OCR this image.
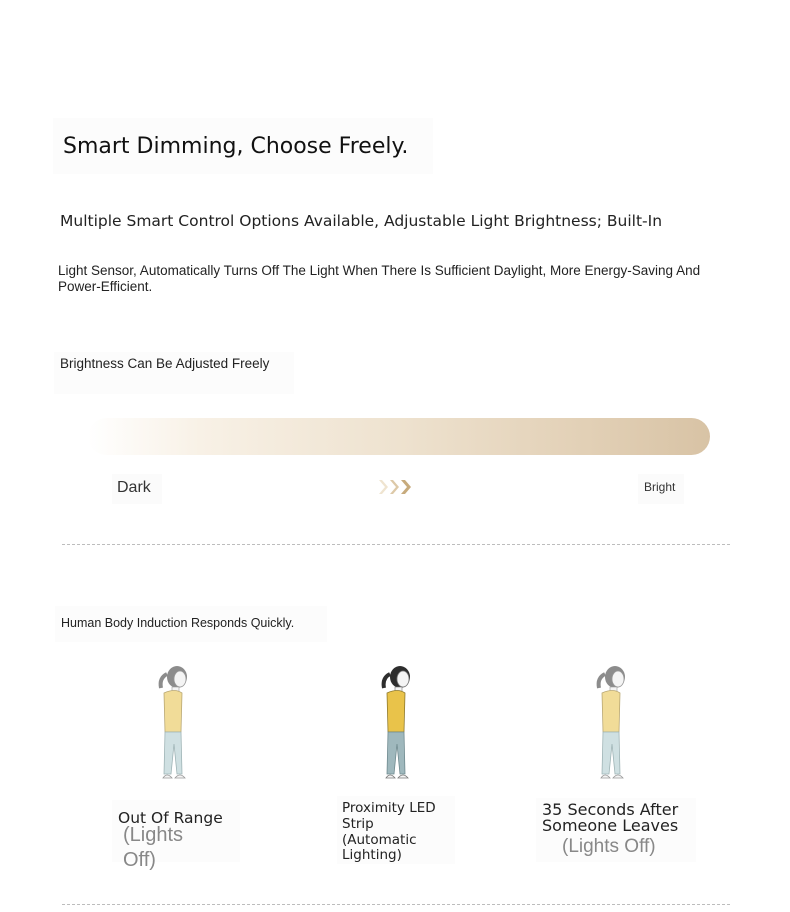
Smart Dimming, Choose Freely.
Multiple Smart Control Options Available, Adjustable Light Brightness; Built-In
Light Sensor, Automatically Turns Off The Light When There Is Sufficient Daylight, More Energy-Saving And Power-Efficient.
Brightness Can Be Adjusted Freely
Dark	Bright
Human Body Induction Responds Quickly.
Out Of Range
(Lights Off)
Proximity LED Strip (Automatic Lighting)
35 Seconds After Someone Leaves
(Lights Off)
